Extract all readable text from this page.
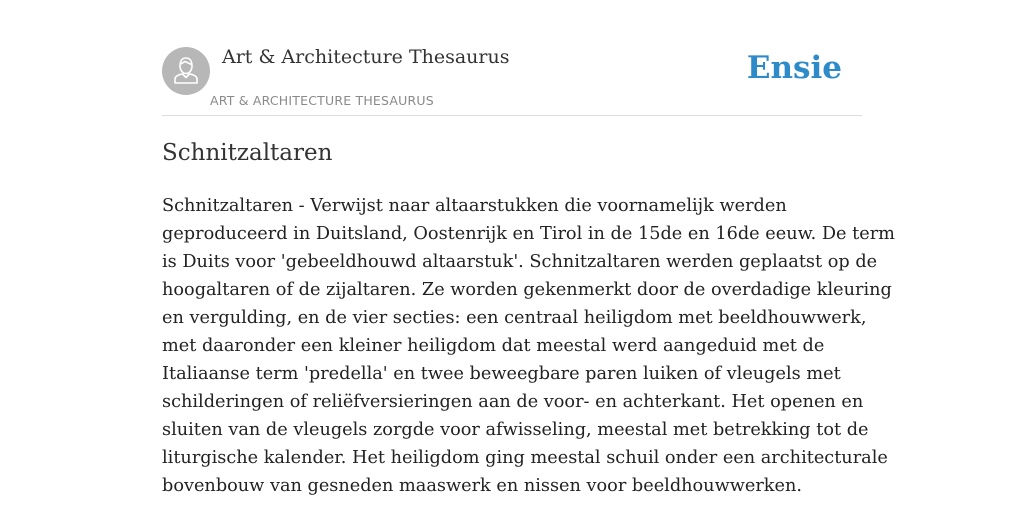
Art & Architecture Thesaurus
ART & ARCHITECTURE THESAURUS
Ensie
Schnitzaltaren

Schnitzaltaren - Verwijst naar altaarstukken die voornamelijk werden
geproduceerd in Duitsland, Oostenrijk en Tirol in de 15de en 16de eeuw. De term
is Duits voor 'gebeeldhouwd altaarstuk'. Schnitzaltaren werden geplaatst op de
hoogaltaren of de zijaltaren. Ze worden gekenmerkt door de overdadige kleuring
en vergulding, en de vier secties: een centraal heiligdom met beeldhouwwerk,
met daaronder een kleiner heiligdom dat meestal werd aangeduid met de
Italiaanse term 'predella' en twee beweegbare paren luiken of vleugels met
schilderingen of reliëfversieringen aan de voor- en achterkant. Het openen en
sluiten van de vleugels zorgde voor afwisseling, meestal met betrekking tot de
liturgische kalender. Het heiligdom ging meestal schuil onder een architecturale
bovenbouw van gesneden maaswerk en nissen voor beeldhouwwerken.
